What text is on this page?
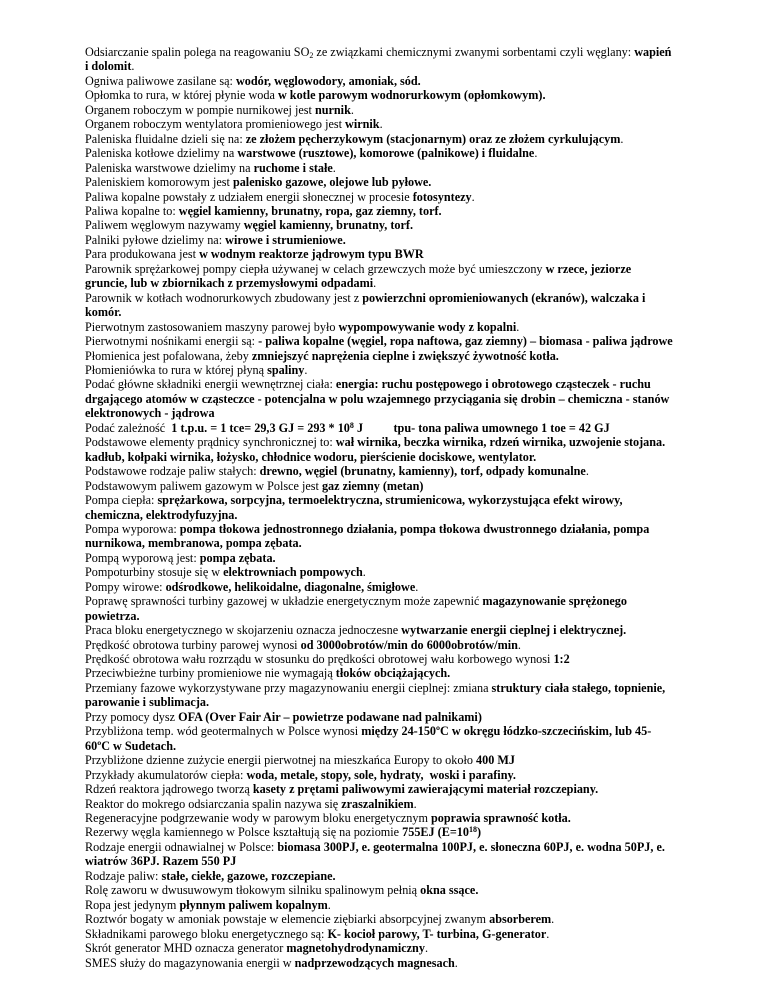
Odsiarczanie spalin polega na reagowaniu $SO_2$ ze związkami chemicznymi zwanymi sorbentami czyli węglany: wapień i dolomit.

Ogniwa paliwowe zasilane są: wodór, węglowodory, amoniak, sód.

Opłomka to rura, w której płynie woda w kotle parowym wodnorurkowym (opłomkowym).

Organem roboczym w pompie nurnikowej jest nurnik.

Organem roboczym wentylatora promieniowego jest wirnik.

Paleniska fluidalne dzieli się na: ze złożem pęcherzykowym (stacjonarnym) oraz ze złożem cyrkulującym.

Paleniska kotłowe dzielimy na warstwowe (rusztowe), komorowe (palnikowe) i fluidalne.

Paleniska warstwowe dzielimy na ruchome i stałe.

Paleniskiem komorowym jest palenisko gazowe, olejowe lub pyłowe.

Paliwa kopalne powstały z udziałem energii słonecznej w procesie fotosyntezy.

Paliwa kopalne to: węgiel kamienny, brunatny, ropa, gaz ziemny, torf.

Paliwem węglowym nazywamy węgiel kamienny, brunatny, torf.

Palniki pyłowe dzielimy na: wirowe i strumieniowe.

Para produkowana jest w wodnym reaktorze jądrowym typu BWR

Parownik sprężarkowej pompy ciepła używanej w celach grzewczych może być umieszczony w rzece, jeziorze gruncie, lub w zbiornikach z przemysłowymi odpadami.

Parownik w kotłach wodnorurkowych zbudowany jest z powierzchni opromieniowanych (ekranów), walczaka i komór.

Pierwotnym zastosowaniem maszyny parowej było wypompowywanie wody z kopalni.

Pierwotnymi nośnikami energii są: - paliwa kopalne (węgiel, ropa naftowa, gaz ziemny) – biomasa - paliwa jądrowe

Płomienica jest pofalowana, żeby zmniejszyć naprężenia cieplne i zwiększyć żywotność kotła.

Płomieniówka to rura w której płyną spaliny.

Podać główne składniki energii wewnętrznej ciała: energia: ruchu postępowego i obrotowego cząsteczek - ruchu drgającego atomów w cząsteczce - potencjalna w polu wzajemnego przyciągania się drobin – chemiczna - stanów elektronowych - jądrowa

Podać zależność  1 t.p.u. = 1 tce= 29,3 GJ = $293 * 10^8$ J tpu- tona paliwa umownego 1 toe = 42 GJ

Podstawowe elementy prądnicy synchronicznej to: wał wirnika, beczka wirnika, rdzeń wirnika, uzwojenie stojana. kadłub, kołpaki wirnika, łożysko, chłodnice wodoru, pierścienie dociskowe, wentylator.

Podstawowe rodzaje paliw stałych: drewno, węgiel (brunatny, kamienny), torf, odpady komunalne.

Podstawowym paliwem gazowym w Polsce jest gaz ziemny (metan)

Pompa ciepła: sprężarkowa, sorpcyjna, termoelektryczna, strumienicowa, wykorzystująca efekt wirowy, chemiczna, elektrodyfuzyjna.

Pompa wyporowa: pompa tłokowa jednostronnego działania, pompa tłokowa dwustronnego działania, pompa nurnikowa, membranowa, pompa zębata.

Pompą wyporową jest: pompa zębata.

Pompoturbiny stosuje się w elektrowniach pompowych.

Pompy wirowe: odśrodkowe, helikoidalne, diagonalne, śmigłowe.

Poprawę sprawności turbiny gazowej w układzie energetycznym może zapewnić magazynowanie sprężonego powietrza.

Praca bloku energetycznego w skojarzeniu oznacza jednoczesne wytwarzanie energii cieplnej i elektrycznej.

Prędkość obrotowa turbiny parowej wynosi od 3000obrotów/min do 6000obrotów/min.

Prędkość obrotowa wału rozrządu w stosunku do prędkości obrotowej wału korbowego wynosi 1:2

Przeciwbieżne turbiny promieniowe nie wymagają tłoków obciążających.

Przemiany fazowe wykorzystywane przy magazynowaniu energii cieplnej: zmiana struktury ciała stałego, topnienie, parowanie i sublimacja.

Przy pomocy dysz OFA (Over Fair Air – powietrze podawane nad palnikami)

Przybliżona temp. wód geotermalnych w Polsce wynosi między 24-150ºC w okręgu łódzko-szczecińskim, lub 45-60ºC w Sudetach.

Przybliżone dzienne zużycie energii pierwotnej na mieszkańca Europy to około 400 MJ

Przykłady akumulatorów ciepła: woda, metale, stopy, sole, hydraty,  woski i parafiny.

Rdzeń reaktora jądrowego tworzą kasety z prętami paliwowymi zawierającymi materiał rozczepiany.

Reaktor do mokrego odsiarczania spalin nazywa się zraszalnikiem.

Regeneracyjne podgrzewanie wody w parowym bloku energetycznym poprawia sprawność kotła.

Rezerwy węgla kamiennego w Polsce kształtują się na poziomie 755EJ $(E=10^{18})$

Rodzaje energii odnawialnej w Polsce: biomasa 300PJ, e. geotermalna 100PJ, e. słoneczna 60PJ, e. wodna 50PJ, e. wiatrów 36PJ. Razem 550 PJ

Rodzaje paliw: stałe, ciekłe, gazowe, rozczepiane.

Rolę zaworu w dwusuwowym tłokowym silniku spalinowym pełnią okna ssące.

Ropa jest jedynym płynnym paliwem kopalnym.

Roztwór bogaty w amoniak powstaje w elemencie ziębiarki absorpcyjnej zwanym absorberem.

Składnikami parowego bloku energetycznego są: K- kocioł parowy, T- turbina, G-generator.

Skrót generator MHD oznacza generator magnetohydrodynamiczny.

SMES służy do magazynowania energii w nadprzewodzących magnesach.
